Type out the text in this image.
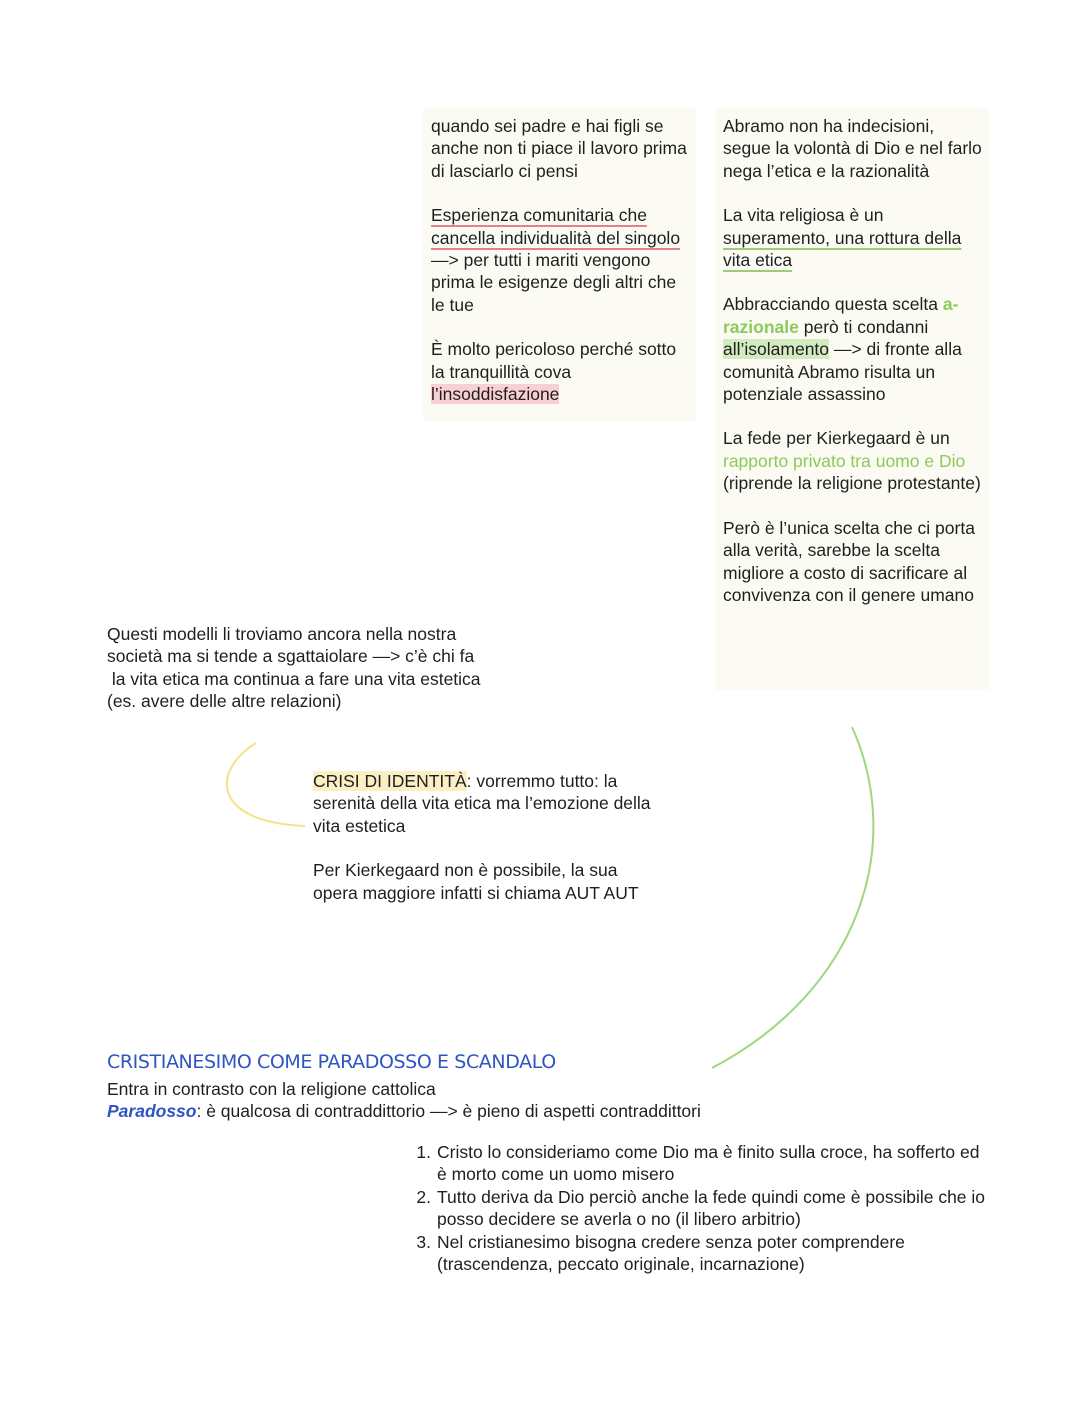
quando sei padre e hai figli se anche non ti piace il lavoro prima di lasciarlo ci pensi

Esperienza comunitaria che cancella individualità del singolo —> per tutti i mariti vengono prima le esigenze degli altri che le tue

È molto pericoloso perché sotto la tranquillità cova l’insoddisfazione

Abramo non ha indecisioni, segue la volontà di Dio e nel farlo nega l’etica e la razionalità

La vita religiosa è un superamento, una rottura della vita etica

Abbracciando questa scelta a-razionale però ti condanni all’isolamento —> di fronte alla comunità Abramo risulta un potenziale assassino

La fede per Kierkegaard è un rapporto privato tra uomo e Dio (riprende la religione protestante)

Però è l’unica scelta che ci porta alla verità, sarebbe la scelta migliore a costo di sacrificare al convivenza con il genere umano

Questi modelli li troviamo ancora nella nostra
società ma si tende a sgattaiolare —> c’è chi fa
la vita etica ma continua a fare una vita estetica
(es. avere delle altre relazioni)

CRISI DI IDENTITÀ: vorremmo tutto: la serenità della vita etica ma l’emozione della vita estetica

Per Kierkegaard non è possibile, la sua opera maggiore infatti si chiama AUT AUT

CRISTIANESIMO COME PARADOSSO E SCANDALO
Entra in contrasto con la religione cattolica
Paradosso: è qualcosa di contraddittorio —> è pieno di aspetti contraddittori
1. Cristo lo consideriamo come Dio ma è finito sulla croce, ha sofferto ed è morto come un uomo misero
2. Tutto deriva da Dio perciò anche la fede quindi come è possibile che io posso decidere se averla o no (il libero arbitrio)
3. Nel cristianesimo bisogna credere senza poter comprendere (trascendenza, peccato originale, incarnazione)
